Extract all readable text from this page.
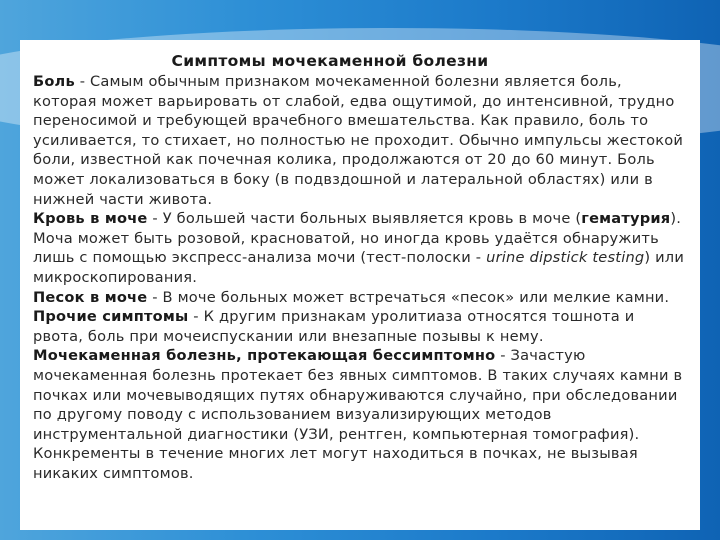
Симптомы мочекаменной болезни

Боль - Самым обычным признаком мочекаменной болезни является боль, которая может варьировать от слабой, едва ощутимой, до интенсивной, трудно переносимой и требующей врачебного вмешательства. Как правило, боль то усиливается, то стихает, но полностью не проходит. Обычно импульсы жестокой боли, известной как почечная колика, продолжаются от 20 до 60 минут. Боль может локализоваться в боку (в подвздошной и латеральной областях) или в нижней части живота.

Кровь в моче - У большей части больных выявляется кровь в моче (гематурия). Моча может быть розовой, красноватой, но иногда кровь удаётся обнаружить лишь с помощью экспресс-анализа мочи (тест-полоски - urine dipstick testing) или микроскопирования.

Песок в моче - В моче больных может встречаться «песок» или мелкие камни.

Прочие симптомы - К другим признакам уролитиаза относятся тошнота и рвота, боль при мочеиспускании или внезапные позывы к нему.

Мочекаменная болезнь, протекающая бессимптомно - Зачастую мочекаменная болезнь протекает без явных симптомов. В таких случаях камни в почках или мочевыводящих путях обнаруживаются случайно, при обследовании по другому поводу с использованием визуализирующих методов инструментальной диагностики (УЗИ, рентген, компьютерная томография). Конкременты в течение многих лет могут находиться в почках, не вызывая никаких симптомов.
